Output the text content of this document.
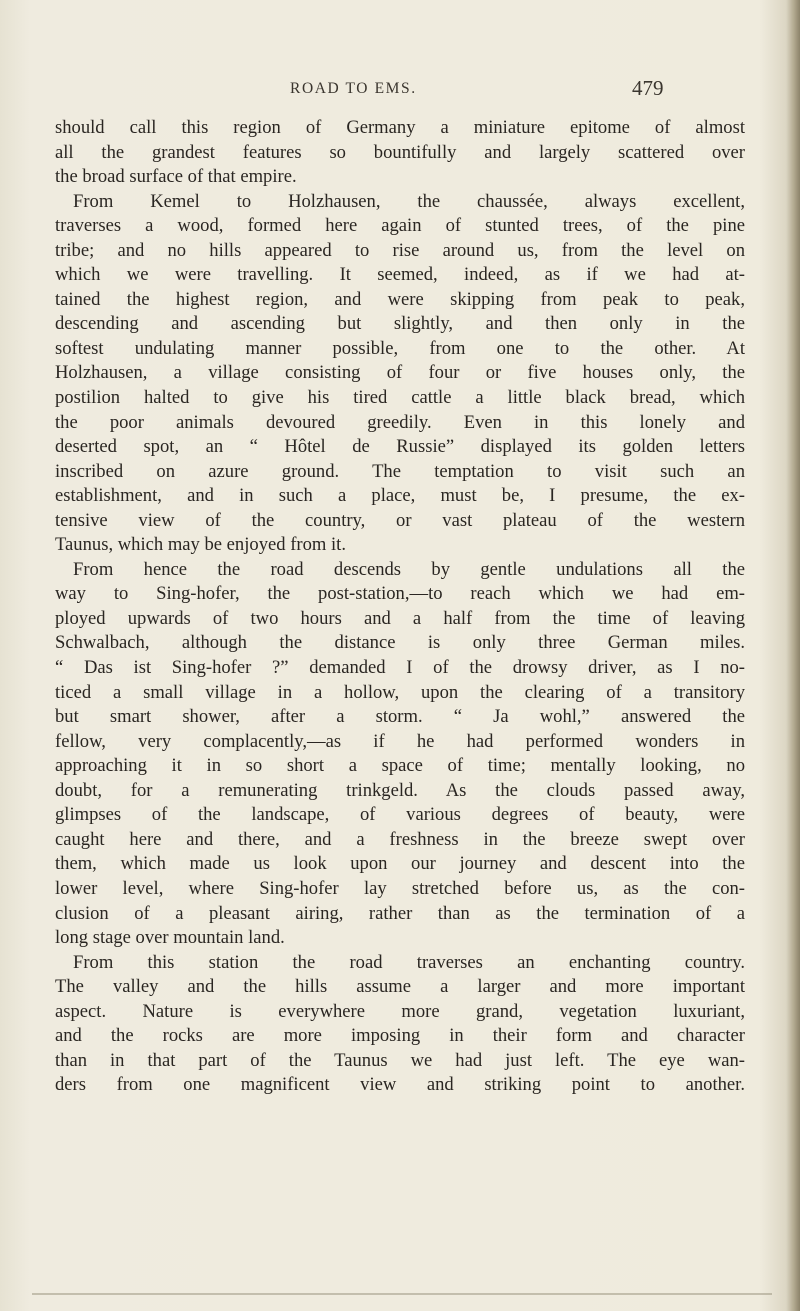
ROAD TO EMS.	479
should call this region of Germany a miniature epitome of almost
all the grandest features so bountifully and largely scattered over
the broad surface of that empire.
From Kemel to Holzhausen, the chaussée, always excellent,
traverses a wood, formed here again of stunted trees, of the pine
tribe; and no hills appeared to rise around us, from the level on
which we were travelling. It seemed, indeed, as if we had at-
tained the highest region, and were skipping from peak to peak,
descending and ascending but slightly, and then only in the
softest undulating manner possible, from one to the other. At
Holzhausen, a village consisting of four or five houses only, the
postilion halted to give his tired cattle a little black bread, which
the poor animals devoured greedily. Even in this lonely and
deserted spot, an “ Hôtel de Russie” displayed its golden letters
inscribed on azure ground. The temptation to visit such an
establishment, and in such a place, must be, I presume, the ex-
tensive view of the country, or vast plateau of the western
Taunus, which may be enjoyed from it.
From hence the road descends by gentle undulations all the
way to Sing-hofer, the post-station,—to reach which we had em-
ployed upwards of two hours and a half from the time of leaving
Schwalbach, although the distance is only three German miles.
“ Das ist Sing-hofer ?” demanded I of the drowsy driver, as I no-
ticed a small village in a hollow, upon the clearing of a transitory
but smart shower, after a storm. “ Ja wohl,” answered the
fellow, very complacently,—as if he had performed wonders in
approaching it in so short a space of time; mentally looking, no
doubt, for a remunerating trinkgeld. As the clouds passed away,
glimpses of the landscape, of various degrees of beauty, were
caught here and there, and a freshness in the breeze swept over
them, which made us look upon our journey and descent into the
lower level, where Sing-hofer lay stretched before us, as the con-
clusion of a pleasant airing, rather than as the termination of a
long stage over mountain land.
From this station the road traverses an enchanting country.
The valley and the hills assume a larger and more important
aspect. Nature is everywhere more grand, vegetation luxuriant,
and the rocks are more imposing in their form and character
than in that part of the Taunus we had just left. The eye wan-
ders from one magnificent view and striking point to another.
